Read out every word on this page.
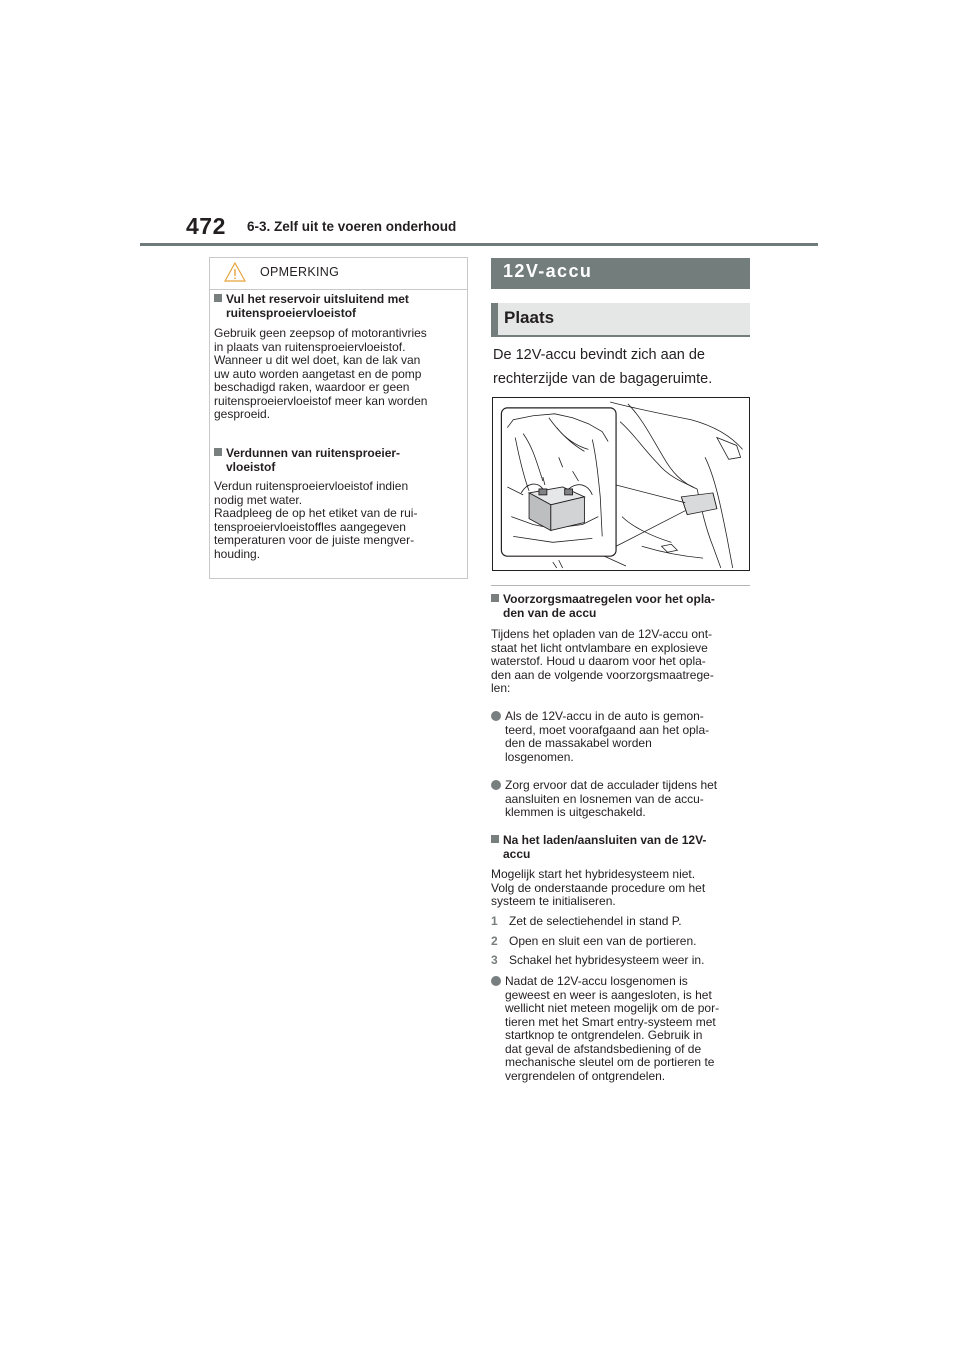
472 6-3. Zelf uit te voeren onderhoud
OPMERKING
Vul het reservoir uitsluitend met
ruitensproeiervloeistof
Gebruik geen zeepsop of motorantivries
in plaats van ruitensproeiervloeistof.
Wanneer u dit wel doet, kan de lak van
uw auto worden aangetast en de pomp
beschadigd raken, waardoor er geen
ruitensproeiervloeistof meer kan worden
gesproeid.
Verdunnen van ruitensproeier-
vloeistof
Verdun ruitensproeiervloeistof indien
nodig met water.
Raadpleeg de op het etiket van de rui-
tensproeiervloeistoffles aangegeven
temperaturen voor de juiste mengver-
houding.
12V-accu
Plaats
De 12V-accu bevindt zich aan de
rechterzijde van de bagageruimte.
Voorzorgsmaatregelen voor het opla-
den van de accu
Tijdens het opladen van de 12V-accu ont-
staat het licht ontvlambare en explosieve
waterstof. Houd u daarom voor het opla-
den aan de volgende voorzorgsmaatrege-
len:
Als de 12V-accu in de auto is gemon-
teerd, moet voorafgaand aan het opla-
den de massakabel worden
losgenomen.
Zorg ervoor dat de acculader tijdens het
aansluiten en losnemen van de accu-
klemmen is uitgeschakeld.
Na het laden/aansluiten van de 12V-
accu
Mogelijk start het hybridesysteem niet.
Volg de onderstaande procedure om het
systeem te initialiseren.
1 Zet de selectiehendel in stand P.
2 Open en sluit een van de portieren.
3 Schakel het hybridesysteem weer in.
Nadat de 12V-accu losgenomen is
geweest en weer is aangesloten, is het
wellicht niet meteen mogelijk om de por-
tieren met het Smart entry-systeem met
startknop te ontgrendelen. Gebruik in
dat geval de afstandsbediening of de
mechanische sleutel om de portieren te
vergrendelen of ontgrendelen.
